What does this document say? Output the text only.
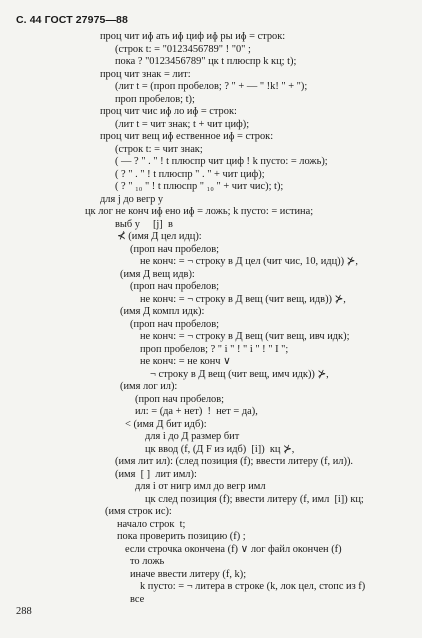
С. 44 ГОСТ 27975—88
проц чит иɸ ать иɸ циф иɸ ры иɸ = строк:
(строк t: = "0123456789" ! "0" ;
пока ? "0123456789" цк t плюспр k кц; t);
проц чит знак = лит:
(лит t = (проп пробелов; ? " + — " !k! " + ");
проп пробелов; t);
проц чит чис иɸ ло иɸ = строк:
(лит t = чит знак; t + чит циф);
проц чит вещ иɸ ественное иɸ = строк:
(строк t: = чит знак;
( — ? " . " ! t плюспр чит циф ! k пусто: = ложь);
( ? " . " ! t плюспр " . " + чит циф);
( ? " ₁₀ " ! t плюспр " ₁₀ " + чит чис); t);
для j до вегр у
цк лог не конч иɸ ено иɸ = ложь; k пусто: = истина;
выб у     [j]  в
⊀ (имя Д цел идц):
(проп нач пробелов;
не конч: = ¬ строку в Д цел (чит чис, 10, идц)) ⊁,
(имя Д вещ идв):
(проп нач пробелов;
не конч: = ¬ строку в Д вещ (чит вещ, идв)) ⊁,
(имя Д компл идк):
(проп нач пробелов;
не конч: = ¬ строку в Д вещ (чит вещ, ивч идк);
проп пробелов; ? " i " ! " i " ! " I ";
не конч: = не конч ∨
¬ строку в Д вещ (чит вещ, имч идк)) ⊁,
(имя лог ил):
(проп нач пробелов;
ил: = (да + нет)  !  нет = да),
< (имя Д бит идб):
для i до Д размер бит
цк ввод (f, (Д F из идб)  [i])  кц ⊁,
(имя лит ил): (след позиция (f); ввести литеру (f, ил)).
(имя  [ ]  лит имл):
для i от нигр имл до вегр имл
цк след позиция (f); ввести литеру (f, имл  [i]) кц;
(имя строк ис):
начало строк  t;
пока проверить позицию (f) ;
если строчка окончена (f) ∨ лог файл окончен (f)
то ложь
иначе ввести литеру (f, k);
k пусто: = ¬ литера в строке (k, лок цел, стопс из f)
все
288
